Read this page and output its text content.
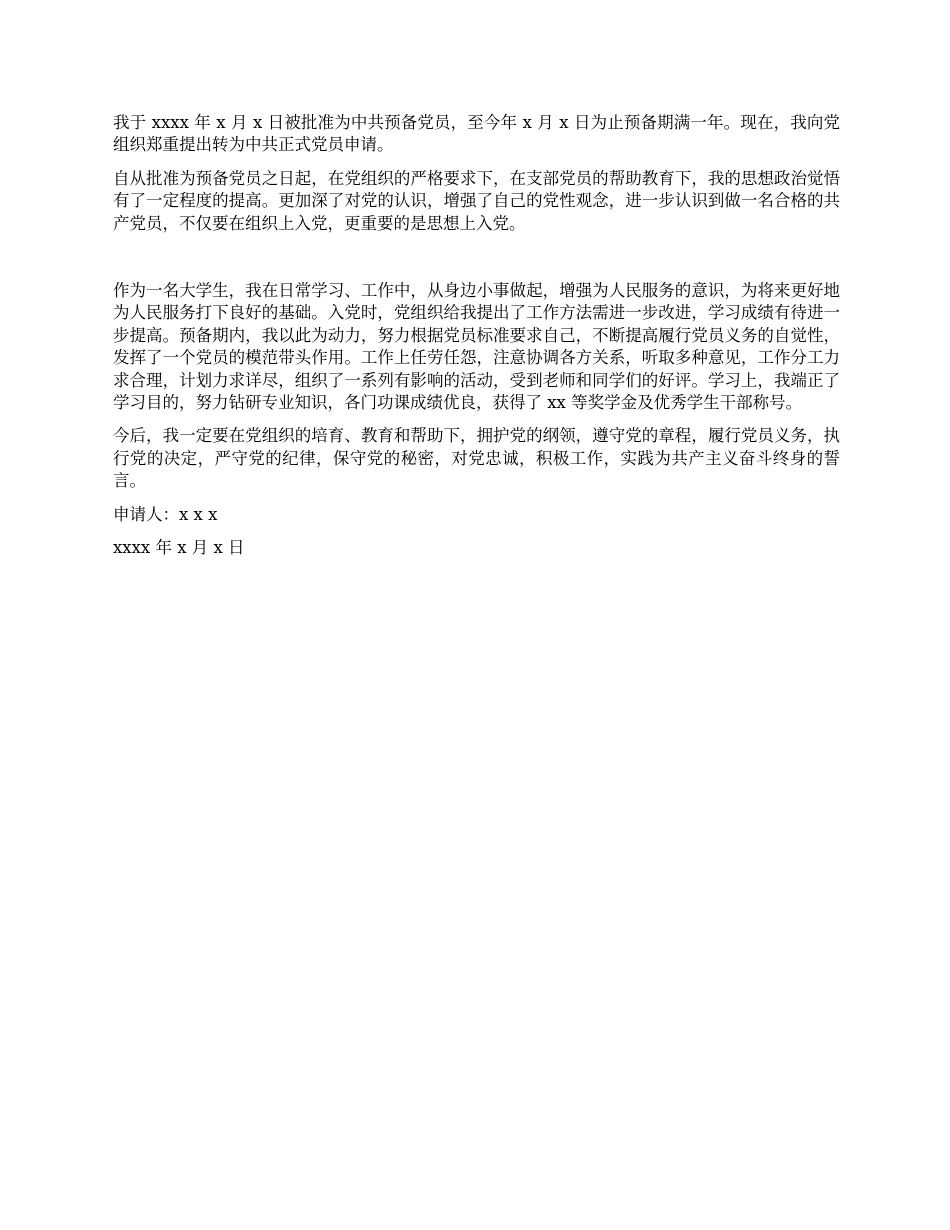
我于 xxxx 年 x 月 x 日被批准为中共预备党员，至今年 x 月 x 日为止预备期满一年。现在，我向党组织郑重提出转为中共正式党员申请。

自从批准为预备党员之日起，在党组织的严格要求下，在支部党员的帮助教育下，我的思想政治觉悟有了一定程度的提高。更加深了对党的认识，增强了自己的党性观念，进一步认识到做一名合格的共产党员，不仅要在组织上入党，更重要的是思想上入党。

作为一名大学生，我在日常学习、工作中，从身边小事做起，增强为人民服务的意识，为将来更好地为人民服务打下良好的基础。入党时，党组织给我提出了工作方法需进一步改进，学习成绩有待进一步提高。预备期内，我以此为动力，努力根据党员标准要求自己，不断提高履行党员义务的自觉性，发挥了一个党员的模范带头作用。工作上任劳任怨，注意协调各方关系，听取多种意见，工作分工力求合理，计划力求详尽，组织了一系列有影响的活动，受到老师和同学们的好评。学习上，我端正了学习目的，努力钻研专业知识，各门功课成绩优良，获得了 xx 等奖学金及优秀学生干部称号。

今后，我一定要在党组织的培育、教育和帮助下，拥护党的纲领，遵守党的章程，履行党员义务，执行党的决定，严守党的纪律，保守党的秘密，对党忠诚，积极工作，实践为共产主义奋斗终身的誓言。

申请人：x x x

xxxx 年 x 月 x 日
